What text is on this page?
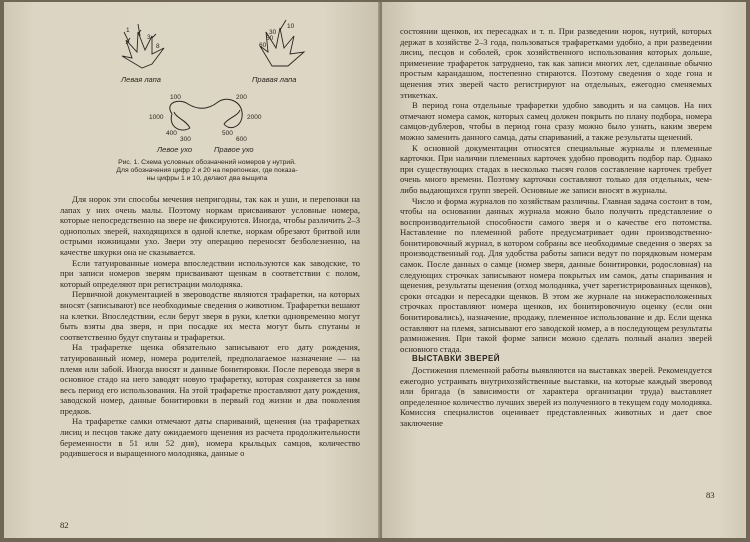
1
3
8
Левая лапа
10
30
60
50
Правая лапа
100
1000
400
300
200
2000
500
600
Левое ухо	Правое ухо
Рис. 1. Схема условных обозначений номеров у нутрий.
Для обозначения цифр 2 и 20 на перепонках, где показа-
ны цифры 1 и 10, делают два выщипа

Для норок эти способы мечения непригодны, так как и уши, и перепонки на лапах у них очень малы. Поэтому норкам присваивают условные номера, которые непосредственно на звере не фиксируются. Иногда, чтобы различить 2–3 однополых зверей, находящихся в одной клетке, норкам обрезают бритвой или острыми ножницами ухо. Звери эту операцию переносят безболезненно, на качестве шкурки она не сказывается.

Если татуированные номера впоследствии используются как заводские, то при записи номеров зверям присваивают щенкам в соответствии с полом, который определяют при регистрации молодняка.

Первичной документацией в звероводстве являются трафаретки, на которых вносят (записывают) все необходимые сведения о животном. Трафаретки вешают на клетки. Впоследствии, если берут зверя в руки, клетки одновременно могут быть взяты два зверя, и при посадке их места могут быть спутаны и соответственно будут спутаны и трафаретки.

На трафаретке щенка обязательно записывают его дату рождения, татуированный номер, номера родителей, предполагаемое назначение — на племя или забой. Иногда вносят и данные бонитировки. После перевода зверя в основное стадо на него заводят новую трафаретку, которая сохраняется за ним весь период его использования. На этой трафаретке проставляют дату рождения, заводской номер, данные бонитировки в первый год жизни и два поколения предков.

На трафаретке самки отмечают даты спариваний, щенения (на трафаретках лисиц и песцов также дату ожидаемого щенения из расчета продолжительности беременности в 51 или 52 дня), номера крыльцых самцов, количество родившегося и выращенного молодняка, данные о

82

состоянии щенков, их пересадках и т. п. При разведении норок, нутрий, которых держат в хозяйстве 2–3 года, пользоваться трафаретками удобно, а при разведении лисиц, песцов и соболей, срок хозяйственного использования которых дольше, применение трафареток затруднено, так как записи многих лет, сделанные обычно простым карандашом, постепенно стираются. Поэтому сведения о ходе гона и щенения этих зверей часто регистрируют на отдельных, ежегодно сменяемых этикетках.

В период гона отдельные трафаретки удобно заводить и на самцов. На них отмечают номера самок, которых самец должен покрыть по плану подбора, номера самцов-дублеров, чтобы в период гона сразу можно было узнать, каким зверем можно заменить данного самца, даты спариваний, а также результаты щенений.

К основной документации относятся специальные журналы и племенные карточки. При наличии племенных карточек удобно проводить подбор пар. Однако при существующих стадах в несколько тысяч голов составление карточек требует очень много времени. Поэтому карточки составляют только для отдельных, чем-либо выдающихся групп зверей. Основные же записи вносят в журналы.

Число и форма журналов по хозяйствам различны. Главная задача состоит в том, чтобы на основании данных журнала можно было получить представление о воспроизводительной способности самого зверя и о качестве его потомства. Наставление по племенной работе предусматривает один производственно-бонитировочный журнал, в котором собраны все необходимые сведения о зверях за производственный год. Для удобства работы записи ведут по порядковым номерам самок. После данных о самце (номер зверя, данные бонитировки, родословная) на следующих строчках записывают номера покрытых им самок, даты спаривания и щенения, результаты щенения (отход молодняка, учет зарегистрированных щенков), сроки отсадки и пересадки щенков. В этом же журнале на нижерасположенных строчках проставляют номера щенков, их бонитировочную оценку (если они бонитировались), назначение, продажу, племенное использование и др. Если щенка оставляют на племя, записывают его заводской номер, а в последующем результаты размножения. При такой форме записи можно сделать полный анализ зверей основного стада.

ВЫСТАВКИ ЗВЕРЕЙ

Достижения племенной работы выявляются на выставках зверей. Рекомендуется ежегодно устраивать внутрихозяйственные выставки, на которые каждый зверовод или бригада (в зависимости от характера организации труда) выставляет определенное количество лучших зверей из полученного в текущем году молодняка. Комиссия специалистов оценивает представленных животных и дает свое заключение

83
